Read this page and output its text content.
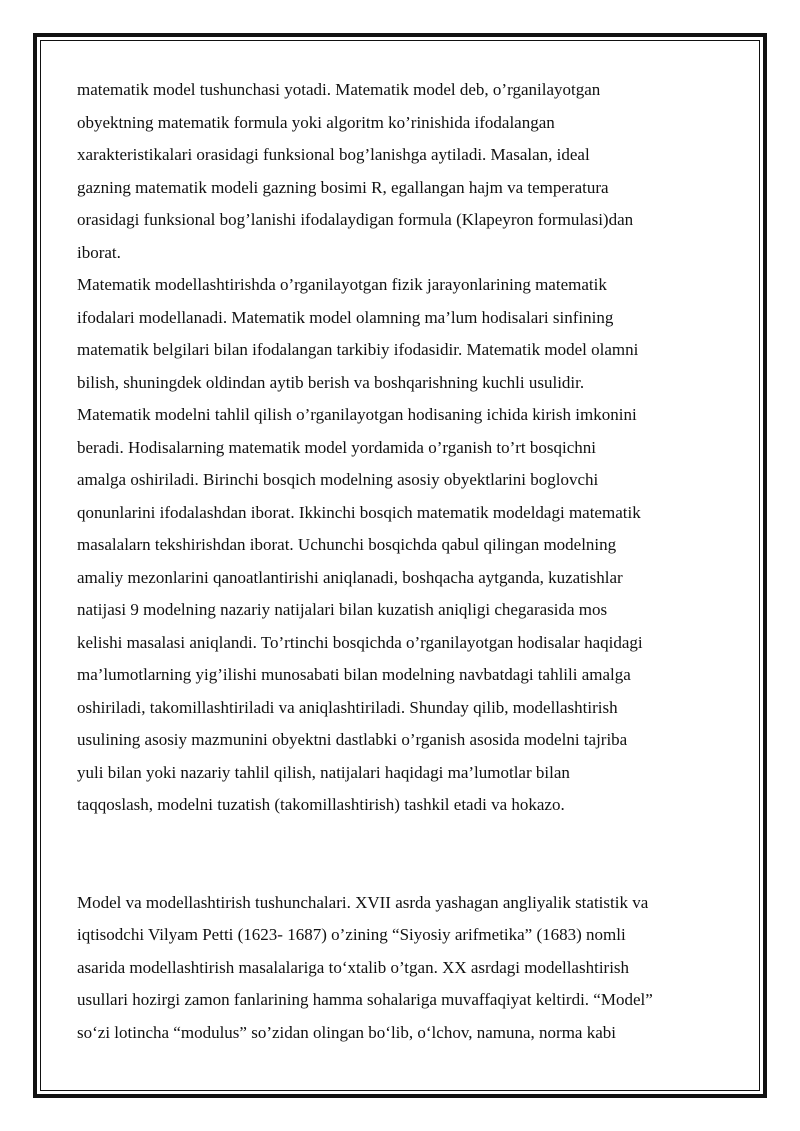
matematik model tushunchasi yotadi. Matematik model deb, o’rganilayotgan
obyektning matematik formula yoki algoritm ko’rinishida ifodalangan
xarakteristikalari orasidagi funksional bog’lanishga aytiladi. Masalan, ideal
gazning matematik modeli gazning bosimi R, egallangan hajm va temperatura
orasidagi funksional bog’lanishi ifodalaydigan formula (Klapeyron formulasi)dan
iborat.
Matematik modellashtirishda o’rganilayotgan fizik jarayonlarining matematik
ifodalari modellanadi. Matematik model olamning ma’lum hodisalari sinfining
matematik belgilari bilan ifodalangan tarkibiy ifodasidir. Matematik model olamni
bilish, shuningdek oldindan aytib berish va boshqarishning kuchli usulidir.
Matematik modelni tahlil qilish o’rganilayotgan hodisaning ichida kirish imkonini
beradi. Hodisalarning matematik model yordamida o’rganish to’rt bosqichni
amalga oshiriladi. Birinchi bosqich modelning asosiy obyektlarini boglovchi
qonunlarini ifodalashdan iborat. Ikkinchi bosqich matematik modeldagi matematik
masalalarn tekshirishdan iborat. Uchunchi bosqichda qabul qilingan modelning
amaliy mezonlarini qanoatlantirishi aniqlanadi, boshqacha aytganda, kuzatishlar
natijasi 9 modelning nazariy natijalari bilan kuzatish aniqligi chegarasida mos
kelishi masalasi aniqlandi. To’rtinchi bosqichda o’rganilayotgan hodisalar haqidagi
ma’lumotlarning yig’ilishi munosabati bilan modelning navbatdagi tahlili amalga
oshiriladi, takomillashtiriladi va aniqlashtiriladi. Shunday qilib, modellashtirish
usulining asosiy mazmunini obyektni dastlabki o’rganish asosida modelni tajriba
yuli bilan yoki nazariy tahlil qilish, natijalari haqidagi ma’lumotlar bilan
taqqoslash, modelni tuzatish (takomillashtirish) tashkil etadi va hokazo.
Model va modellashtirish tushunchalari. XVII asrda yashagan angliyalik statistik va
iqtisodchi Vilyam Petti (1623- 1687) o’zining “Siyosiy arifmetika” (1683) nomli
asarida modellashtirish masalalariga to‘xtalib o’tgan. XX asrdagi modellashtirish
usullari hozirgi zamon fanlarining hamma sohalariga muvaffaqiyat keltirdi. “Model”
so‘zi lotincha “modulus” so’zidan olingan bo‘lib, o‘lchov, namuna, norma kabi
